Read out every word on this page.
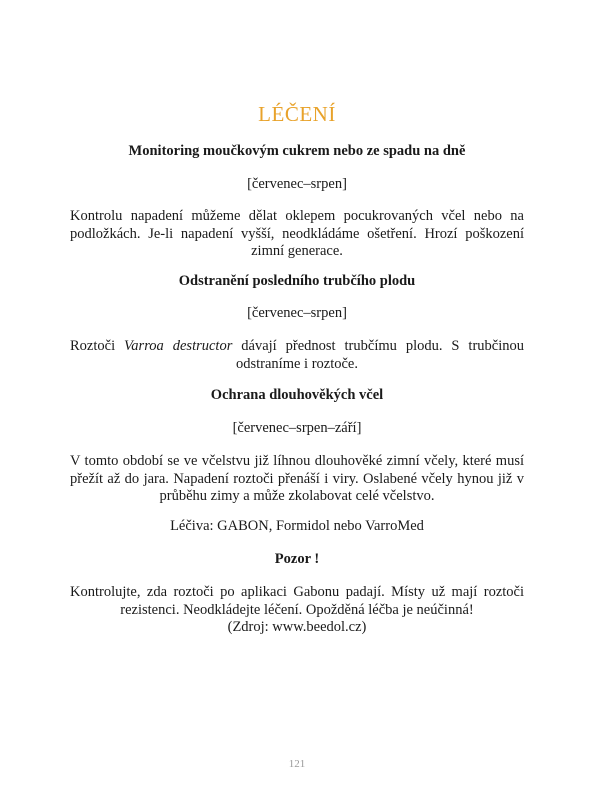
LÉČENÍ
Monitoring moučkovým cukrem nebo ze spadu na dně
[červenec–srpen]
Kontrolu napadení můžeme dělat oklepem pocukrovaných včel nebo na podložkách. Je-li napadení vyšší, neodkládáme ošetření. Hrozí poškození zimní generace.
Odstranění posledního trubčího plodu
[červenec–srpen]
Roztoči Varroa destructor dávají přednost trubčímu plodu. S trubčinou odstraníme i roztoče.
Ochrana dlouhověkých včel
[červenec–srpen–září]
V tomto období se ve včelstvu již líhnou dlouhověké zimní včely, které musí přežít až do jara. Napadení roztoči přenáší i viry. Oslabené včely hynou již v průběhu zimy a může zkolabovat celé včelstvo.
Léčiva: GABON, Formidol nebo VarroMed
Pozor !
Kontrolujte, zda roztoči po aplikaci Gabonu padají. Místy už mají roztoči rezistenci. Neodkládejte léčení. Opožděná léčba je neúčinná!
(Zdroj: www.beedol.cz)
121
